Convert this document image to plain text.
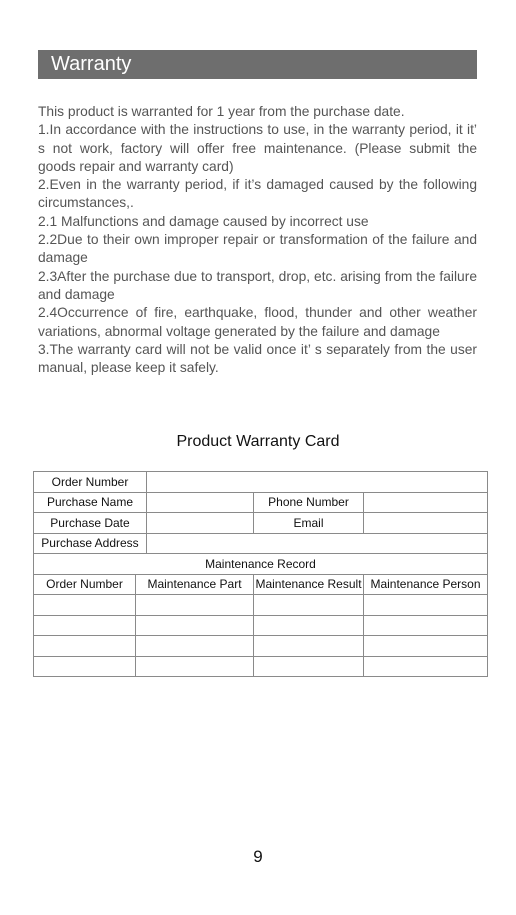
Warranty

This product is warranted for 1 year from the purchase date.

1.In accordance with the instructions to use, in the warranty period, it it’ s not work, factory will offer free maintenance. (Please submit the goods repair and warranty card)

2.Even in the warranty period, if it’s damaged caused by the following circumstances,.

2.1 Malfunctions and damage caused by incorrect use

2.2Due to their own improper repair or transformation of the failure and damage

2.3After the purchase due to transport, drop, etc. arising from the failure and damage

2.4Occurrence of fire, earthquake, flood, thunder and other weather variations, abnormal voltage generated by the failure and damage

3.The warranty card will not be valid once it’ s separately from the user manual, please keep it safely.

Product Warranty Card
Order Number				
Purchase Name			Phone Number	
Purchase Date			Email	
Purchase Address				
Maintenance Record				
Order Number	Maintenance Part		Maintenance Result	Maintenance Person

9
